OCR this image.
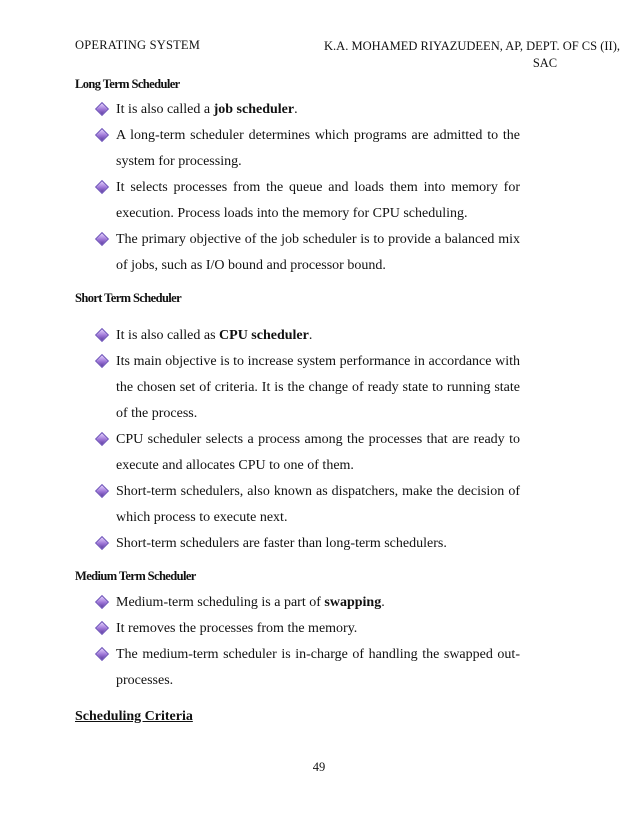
OPERATING SYSTEM	K.A. MOHAMED RIYAZUDEEN, AP, DEPT. OF CS (II),
SAC
Long Term Scheduler
It is also called a job scheduler.
A long-term scheduler determines which programs are admitted to the system for processing.
It selects processes from the queue and loads them into memory for execution. Process loads into the memory for CPU scheduling.
The primary objective of the job scheduler is to provide a balanced mix of jobs, such as I/O bound and processor bound.
Short Term Scheduler
It is also called as CPU scheduler.
Its main objective is to increase system performance in accordance with the chosen set of criteria. It is the change of ready state to running state of the process.
CPU scheduler selects a process among the processes that are ready to execute and allocates CPU to one of them.
Short-term schedulers, also known as dispatchers, make the decision of which process to execute next.
Short-term schedulers are faster than long-term schedulers.
Medium Term Scheduler
Medium-term scheduling is a part of swapping.
It removes the processes from the memory.
The medium-term scheduler is in-charge of handling the swapped out-processes.
Scheduling Criteria
49
